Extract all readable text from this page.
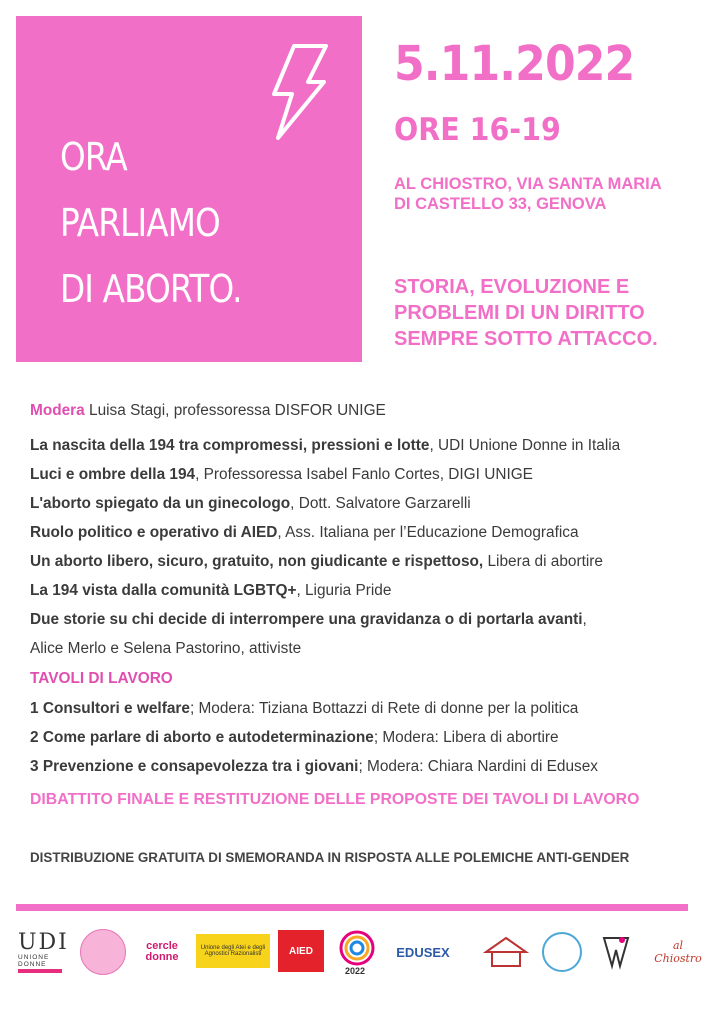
ORA
PARLIAMO
DI ABORTO.
5.11.2022
ORE 16-19
AL CHIOSTRO, VIA SANTA MARIA
DI CASTELLO 33, GENOVA
STORIA, EVOLUZIONE E
PROBLEMI DI UN DIRITTO
SEMPRE SOTTO ATTACCO.
Modera Luisa Stagi, professoressa DISFOR UNIGE
La nascita della 194 tra compromessi, pressioni e lotte, UDI Unione Donne in Italia
Luci e ombre della 194, Professoressa Isabel Fanlo Cortes, DIGI UNIGE
L'aborto spiegato da un ginecologo, Dott. Salvatore Garzarelli
Ruolo politico e operativo di AIED, Ass. Italiana per l’Educazione Demografica
Un aborto libero, sicuro, gratuito, non giudicante e rispettoso, Libera di abortire
La 194 vista dalla comunità LGBTQ+, Liguria Pride
Due storie su chi decide di interrompere una gravidanza o di portarla avanti,
Alice Merlo e Selena Pastorino, attiviste
TAVOLI DI LAVORO
1 Consultori e welfare; Modera: Tiziana Bottazzi di Rete di donne per la politica
2 Come parlare di aborto e autodeterminazione; Modera: Libera di abortire
3 Prevenzione e consapevolezza tra i giovani; Modera: Chiara Nardini di Edusex
DIBATTITO FINALE E RESTITUZIONE DELLE PROPOSTE DEI TAVOLI DI LAVORO
DISTRIBUZIONE GRATUITA DI SMEMORANDA IN RISPOSTA ALLE POLEMICHE ANTI-GENDER
UDI
UNIONE
DONNE
cercle donne
Unione degli Atei e degli Agnostici Razionalisti	AIED
2022
EDUSEX	al Chiostro
